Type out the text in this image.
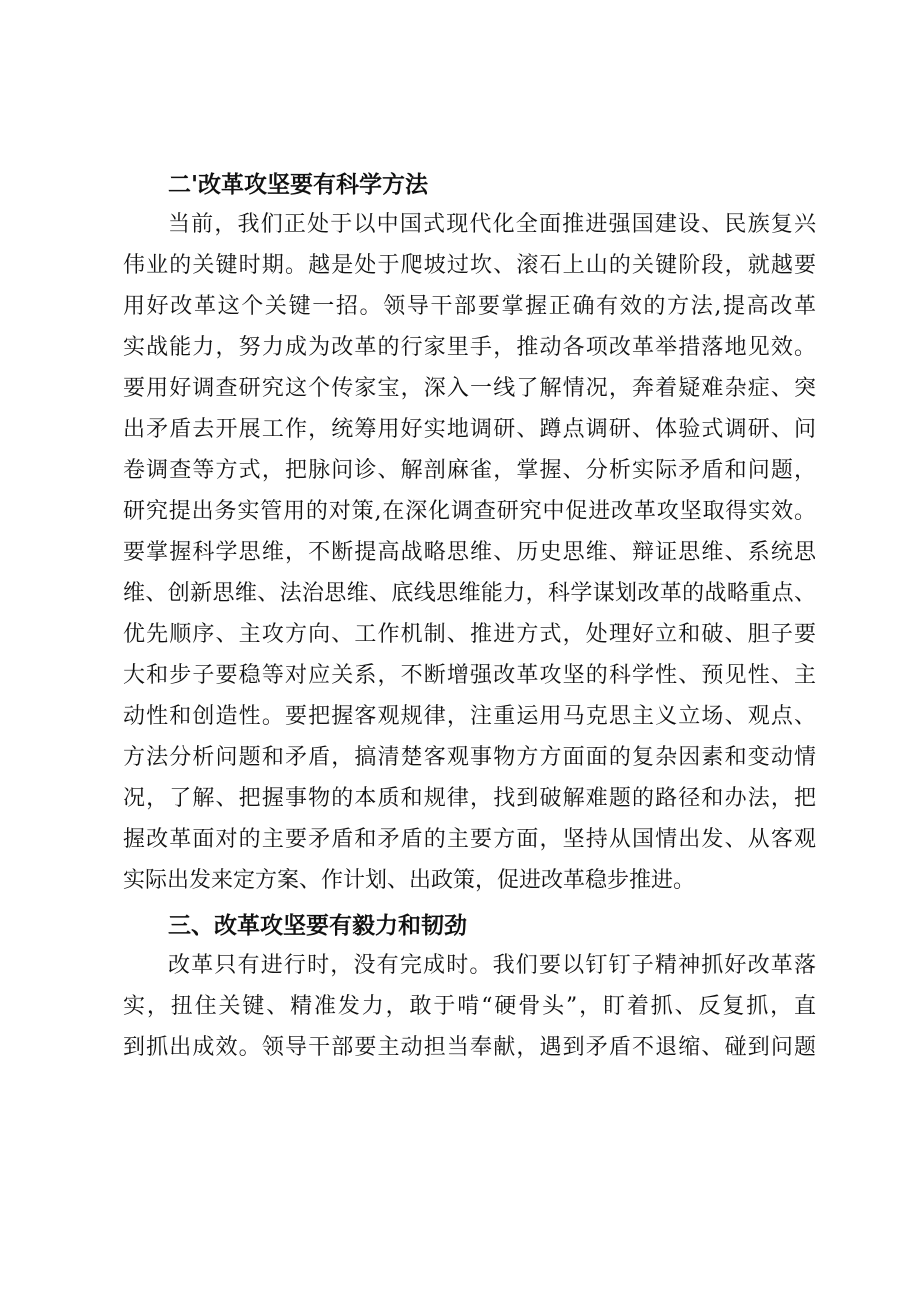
二'改革攻坚要有科学方法
当前，我们正处于以中国式现代化全面推进强国建设、民族复兴
伟业的关键时期。越是处于爬坡过坎、滚石上山的关键阶段，就越要
用好改革这个关键一招。领导干部要掌握正确有效的方法,提高改革
实战能力，努力成为改革的行家里手，推动各项改革举措落地见效。
要用好调查研究这个传家宝，深入一线了解情况，奔着疑难杂症、突
出矛盾去开展工作，统筹用好实地调研、蹲点调研、体验式调研、问
卷调查等方式，把脉问诊、解剖麻雀，掌握、分析实际矛盾和问题，
研究提出务实管用的对策,在深化调查研究中促进改革攻坚取得实效。
要掌握科学思维，不断提高战略思维、历史思维、辩证思维、系统思
维、创新思维、法治思维、底线思维能力，科学谋划改革的战略重点、
优先顺序、主攻方向、工作机制、推进方式，处理好立和破、胆子要
大和步子要稳等对应关系，不断增强改革攻坚的科学性、预见性、主
动性和创造性。要把握客观规律，注重运用马克思主义立场、观点、
方法分析问题和矛盾，搞清楚客观事物方方面面的复杂因素和变动情
况，了解、把握事物的本质和规律，找到破解难题的路径和办法，把
握改革面对的主要矛盾和矛盾的主要方面，坚持从国情出发、从客观
实际出发来定方案、作计划、出政策，促进改革稳步推进。
三、改革攻坚要有毅力和韧劲
改革只有进行时，没有完成时。我们要以钉钉子精神抓好改革落
实，扭住关键、精准发力，敢于啃“硬骨头”，盯着抓、反复抓，直
到抓出成效。领导干部要主动担当奉献，遇到矛盾不退缩、碰到问题
